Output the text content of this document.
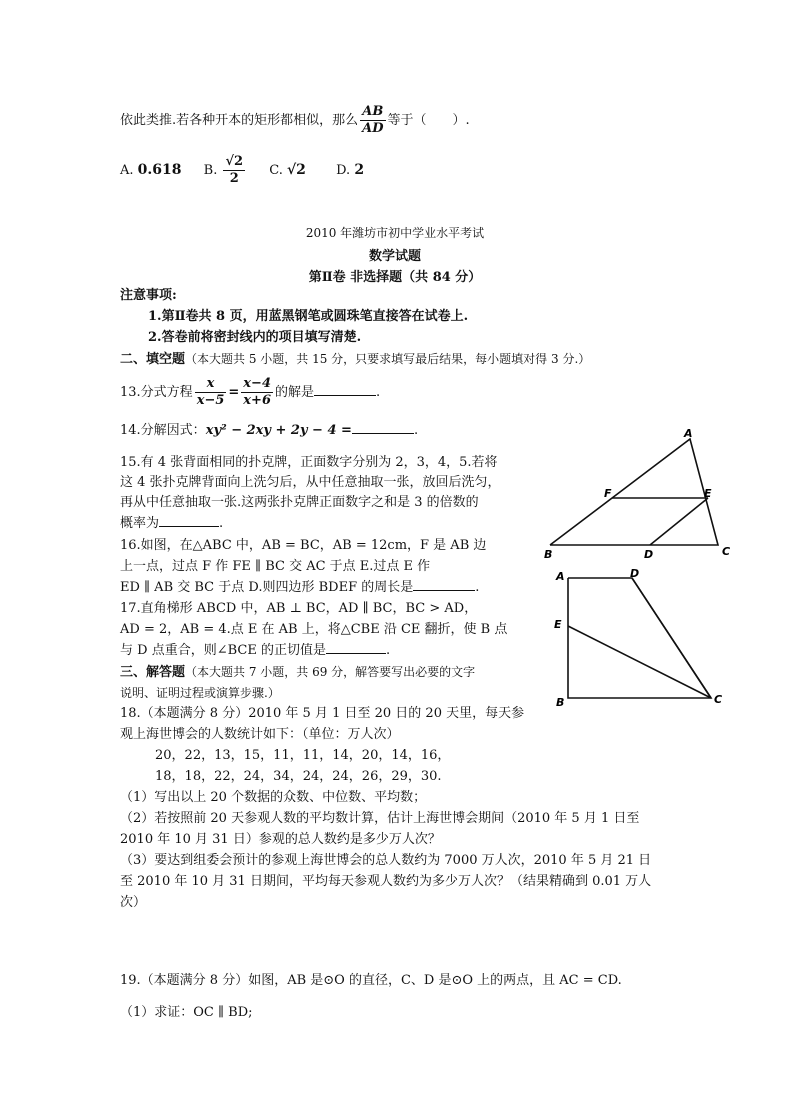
依此类推.若各种开本的矩形都相似，那么 $\frac{AB}{AD}$ 等于（　　）.
A. 0.618 B. $\frac{√2}{2} C$. √2 D. 2
2010 年潍坊市初中学业水平考试
数学试题
第Ⅱ卷 非选择题（共 84 分）
注意事项:
1.第Ⅱ卷共 8 页，用蓝黑钢笔或圆珠笔直接答在试卷上.
2.答卷前将密封线内的项目填写清楚.
二、填空题（本大题共 5 小题，共 15 分，只要求填写最后结果，每小题填对得 3 分.）
13.分式方程 $\frac{x}{x-5} = \frac{x-4}{x+6}$ 的解是	.
14.分解因式：xy² − 2xy + 2y − 4 =	.
15.有 4 张背面相同的扑克牌，正面数字分别为 2，3，4，5.若将
这 4 张扑克牌背面向上洗匀后，从中任意抽取一张，放回后洗匀，
再从中任意抽取一张.这两张扑克牌正面数字之和是 3 的倍数的
概率为	.
16.如图，在△ABC 中，AB = BC，AB = 12cm，F 是 AB 边
上一点，过点 F 作 FE ∥ BC 交 AC 于点 E.过点 E 作
ED ∥ AB 交 BC 于点 D.则四边形 BDEF 的周长是	.
17.直角梯形 ABCD 中，AB ⊥ BC，AD ∥ BC，BC > AD，
AD = 2，AB = 4.点 E 在 AB 上，将△CBE 沿 CE 翻折，使 B 点
与 D 点重合，则∠BCE 的正切值是	.
三、解答题（本大题共 7 小题，共 69 分，解答要写出必要的文字
说明、证明过程或演算步骤.）
18.（本题满分 8 分）2010 年 5 月 1 日至 20 日的 20 天里，每天参
观上海世博会的人数统计如下：（单位：万人次）
20，22，13，15，11，11，14，20，14，16，
18，18，22，24，34，24，24，26，29，30.
（1）写出以上 20 个数据的众数、中位数、平均数；
（2）若按照前 20 天参观人数的平均数计算，估计上海世博会期间（2010 年 5 月 1 日至
2010 年 10 月 31 日）参观的总人数约是多少万人次？
（3）要达到组委会预计的参观上海世博会的总人数约为 7000 万人次，2010 年 5 月 21 日
至 2010 年 10 月 31 日期间，平均每天参观人数约为多少万人次？（结果精确到 0.01 万人
次）
19.（本题满分 8 分）如图，AB 是⊙O 的直径，C、D 是⊙O 上的两点，且 AC = CD.
（1）求证：OC ∥ BD;
A
B	C
D
E
F
A	D
E
B	C
